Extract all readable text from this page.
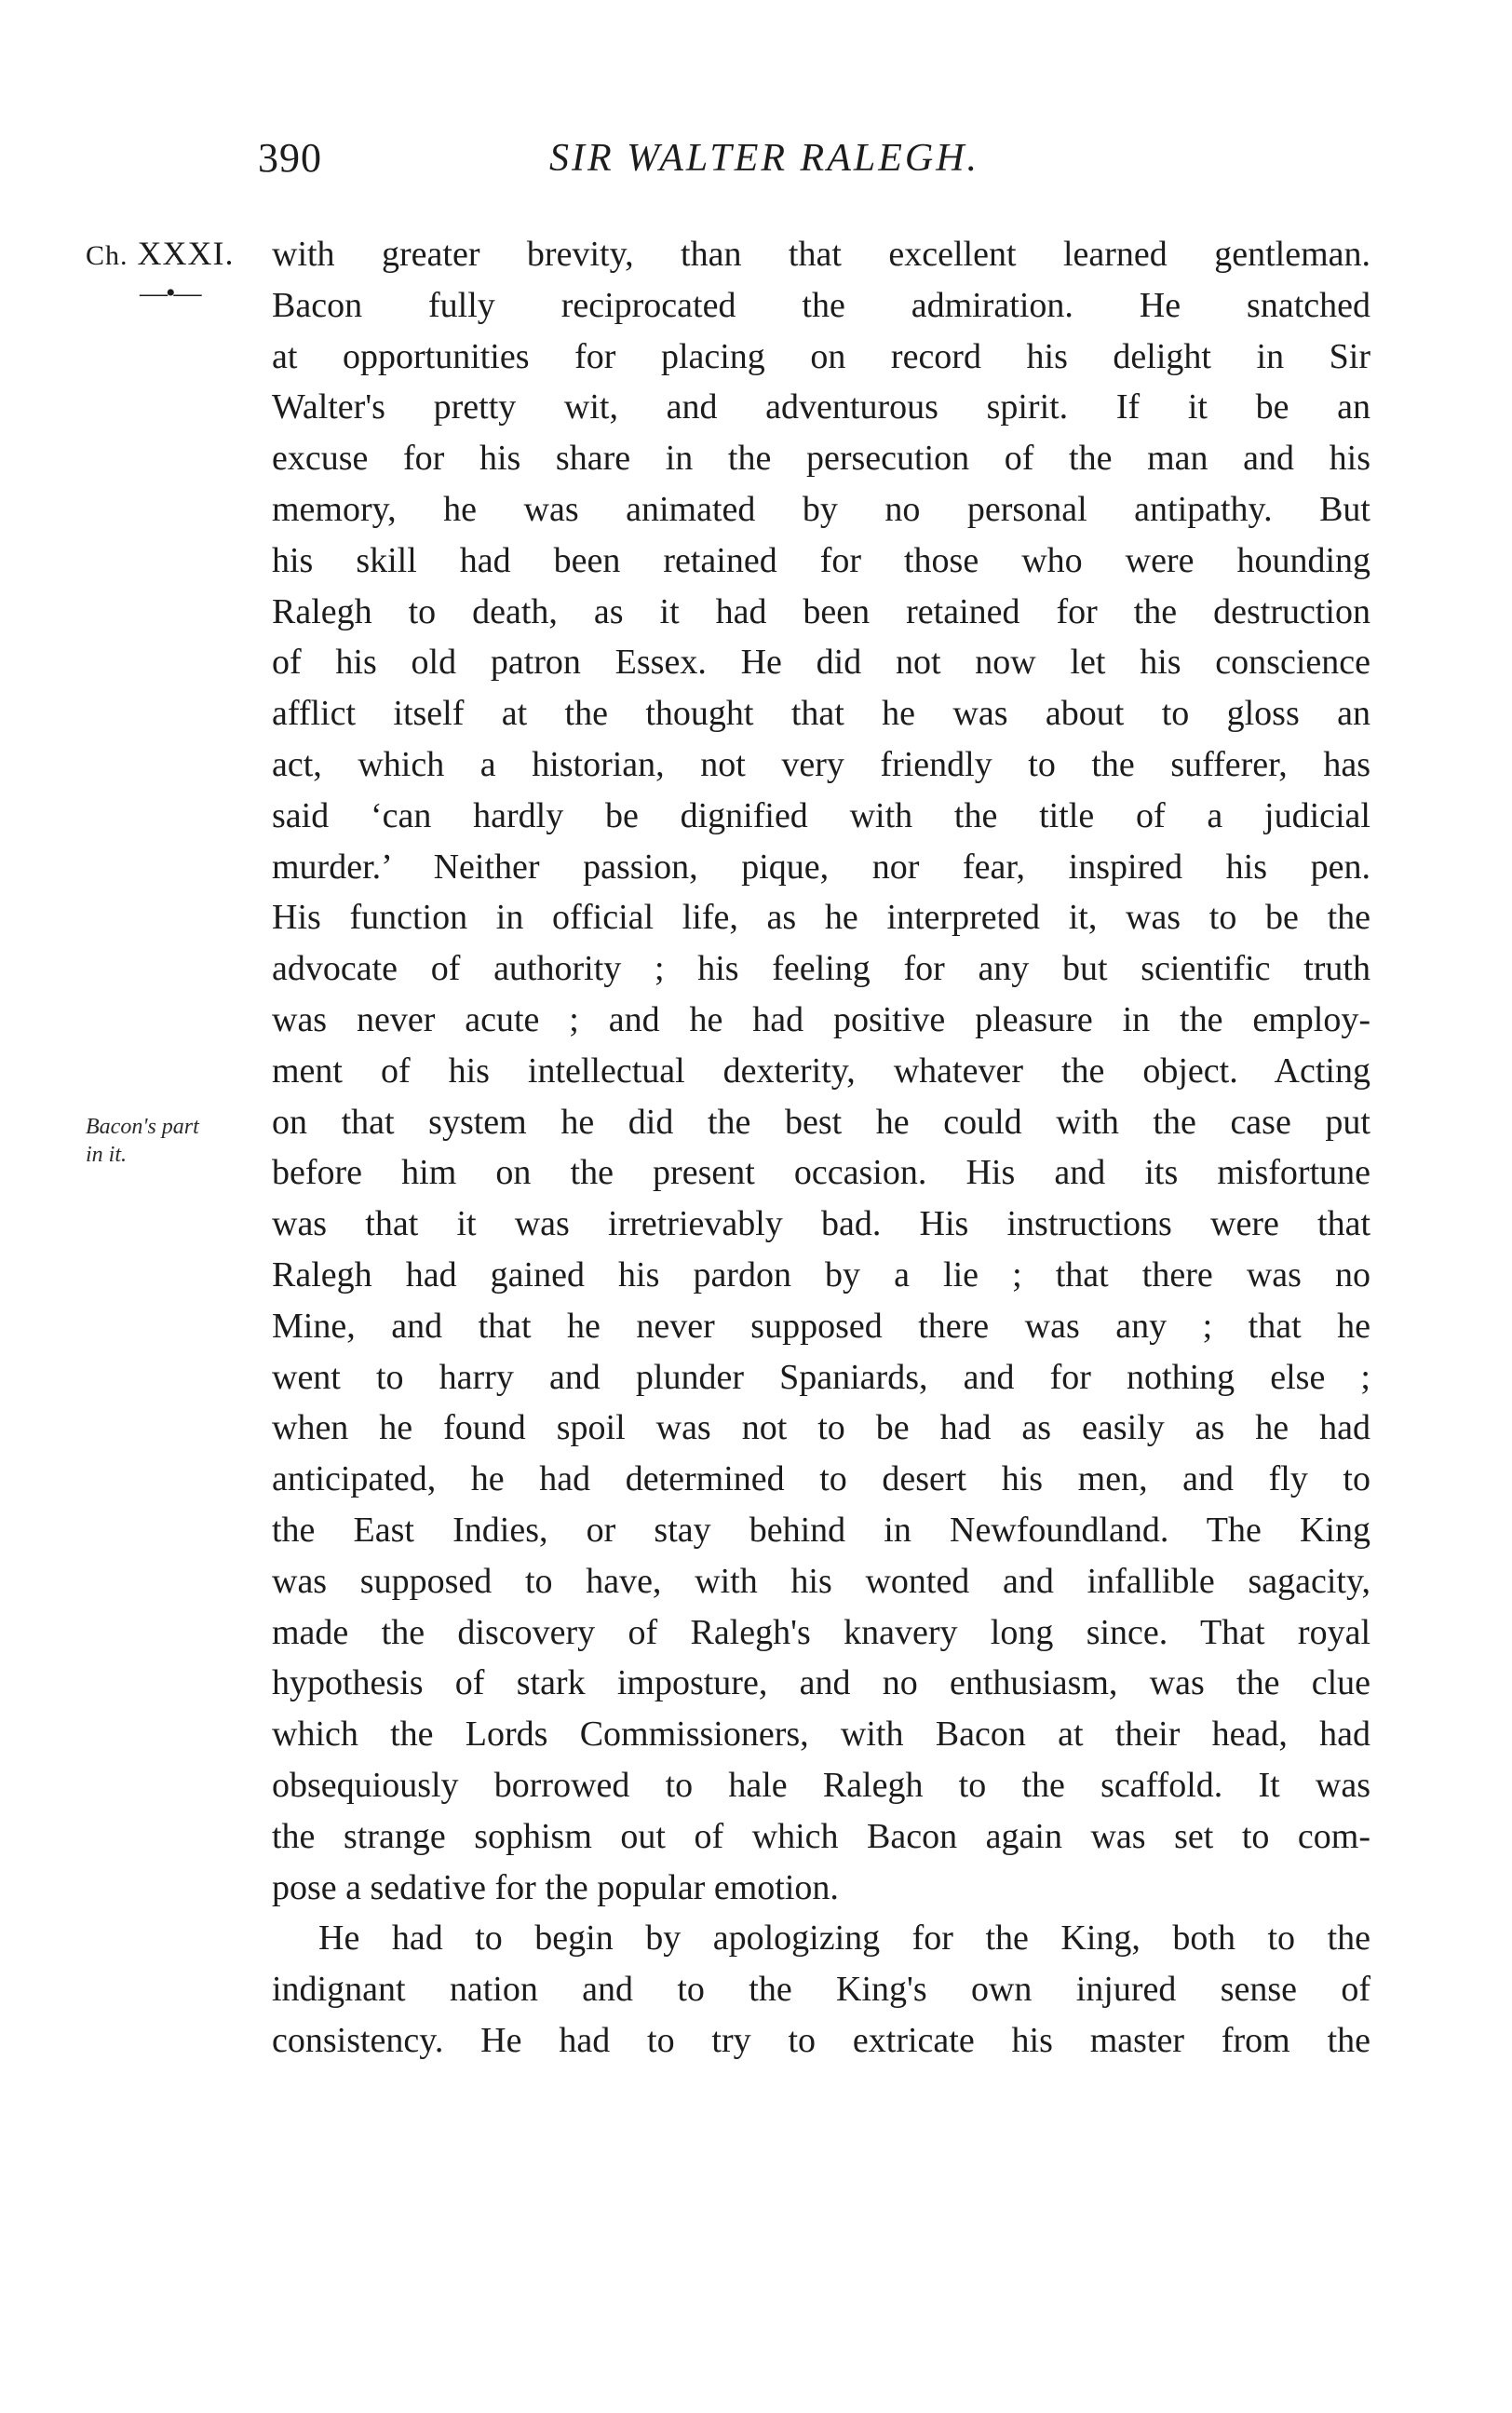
390	SIR WALTER RALEGH.
Ch. XXXI.
—•—
Bacon's part
in it.
with greater brevity, than that excellent learned gentleman.
Bacon fully reciprocated the admiration. He snatched
at opportunities for placing on record his delight in Sir
Walter's pretty wit, and adventurous spirit. If it be an
excuse for his share in the persecution of the man and his
memory, he was animated by no personal antipathy. But
his skill had been retained for those who were hounding
Ralegh to death, as it had been retained for the destruction
of his old patron Essex. He did not now let his conscience
afflict itself at the thought that he was about to gloss an
act, which a historian, not very friendly to the sufferer, has
said ‘can hardly be dignified with the title of a judicial
murder.’ Neither passion, pique, nor fear, inspired his pen.
His function in official life, as he interpreted it, was to be the
advocate of authority ; his feeling for any but scientific truth
was never acute ; and he had positive pleasure in the employ-
ment of his intellectual dexterity, whatever the object. Acting
on that system he did the best he could with the case put
before him on the present occasion. His and its misfortune
was that it was irretrievably bad. His instructions were that
Ralegh had gained his pardon by a lie ; that there was no
Mine, and that he never supposed there was any ; that he
went to harry and plunder Spaniards, and for nothing else ;
when he found spoil was not to be had as easily as he had
anticipated, he had determined to desert his men, and fly to
the East Indies, or stay behind in Newfoundland. The King
was supposed to have, with his wonted and infallible sagacity,
made the discovery of Ralegh's knavery long since. That royal
hypothesis of stark imposture, and no enthusiasm, was the clue
which the Lords Commissioners, with Bacon at their head, had
obsequiously borrowed to hale Ralegh to the scaffold. It was
the strange sophism out of which Bacon again was set to com-
pose a sedative for the popular emotion.
He had to begin by apologizing for the King, both to the
indignant nation and to the King's own injured sense of
consistency. He had to try to extricate his master from the
